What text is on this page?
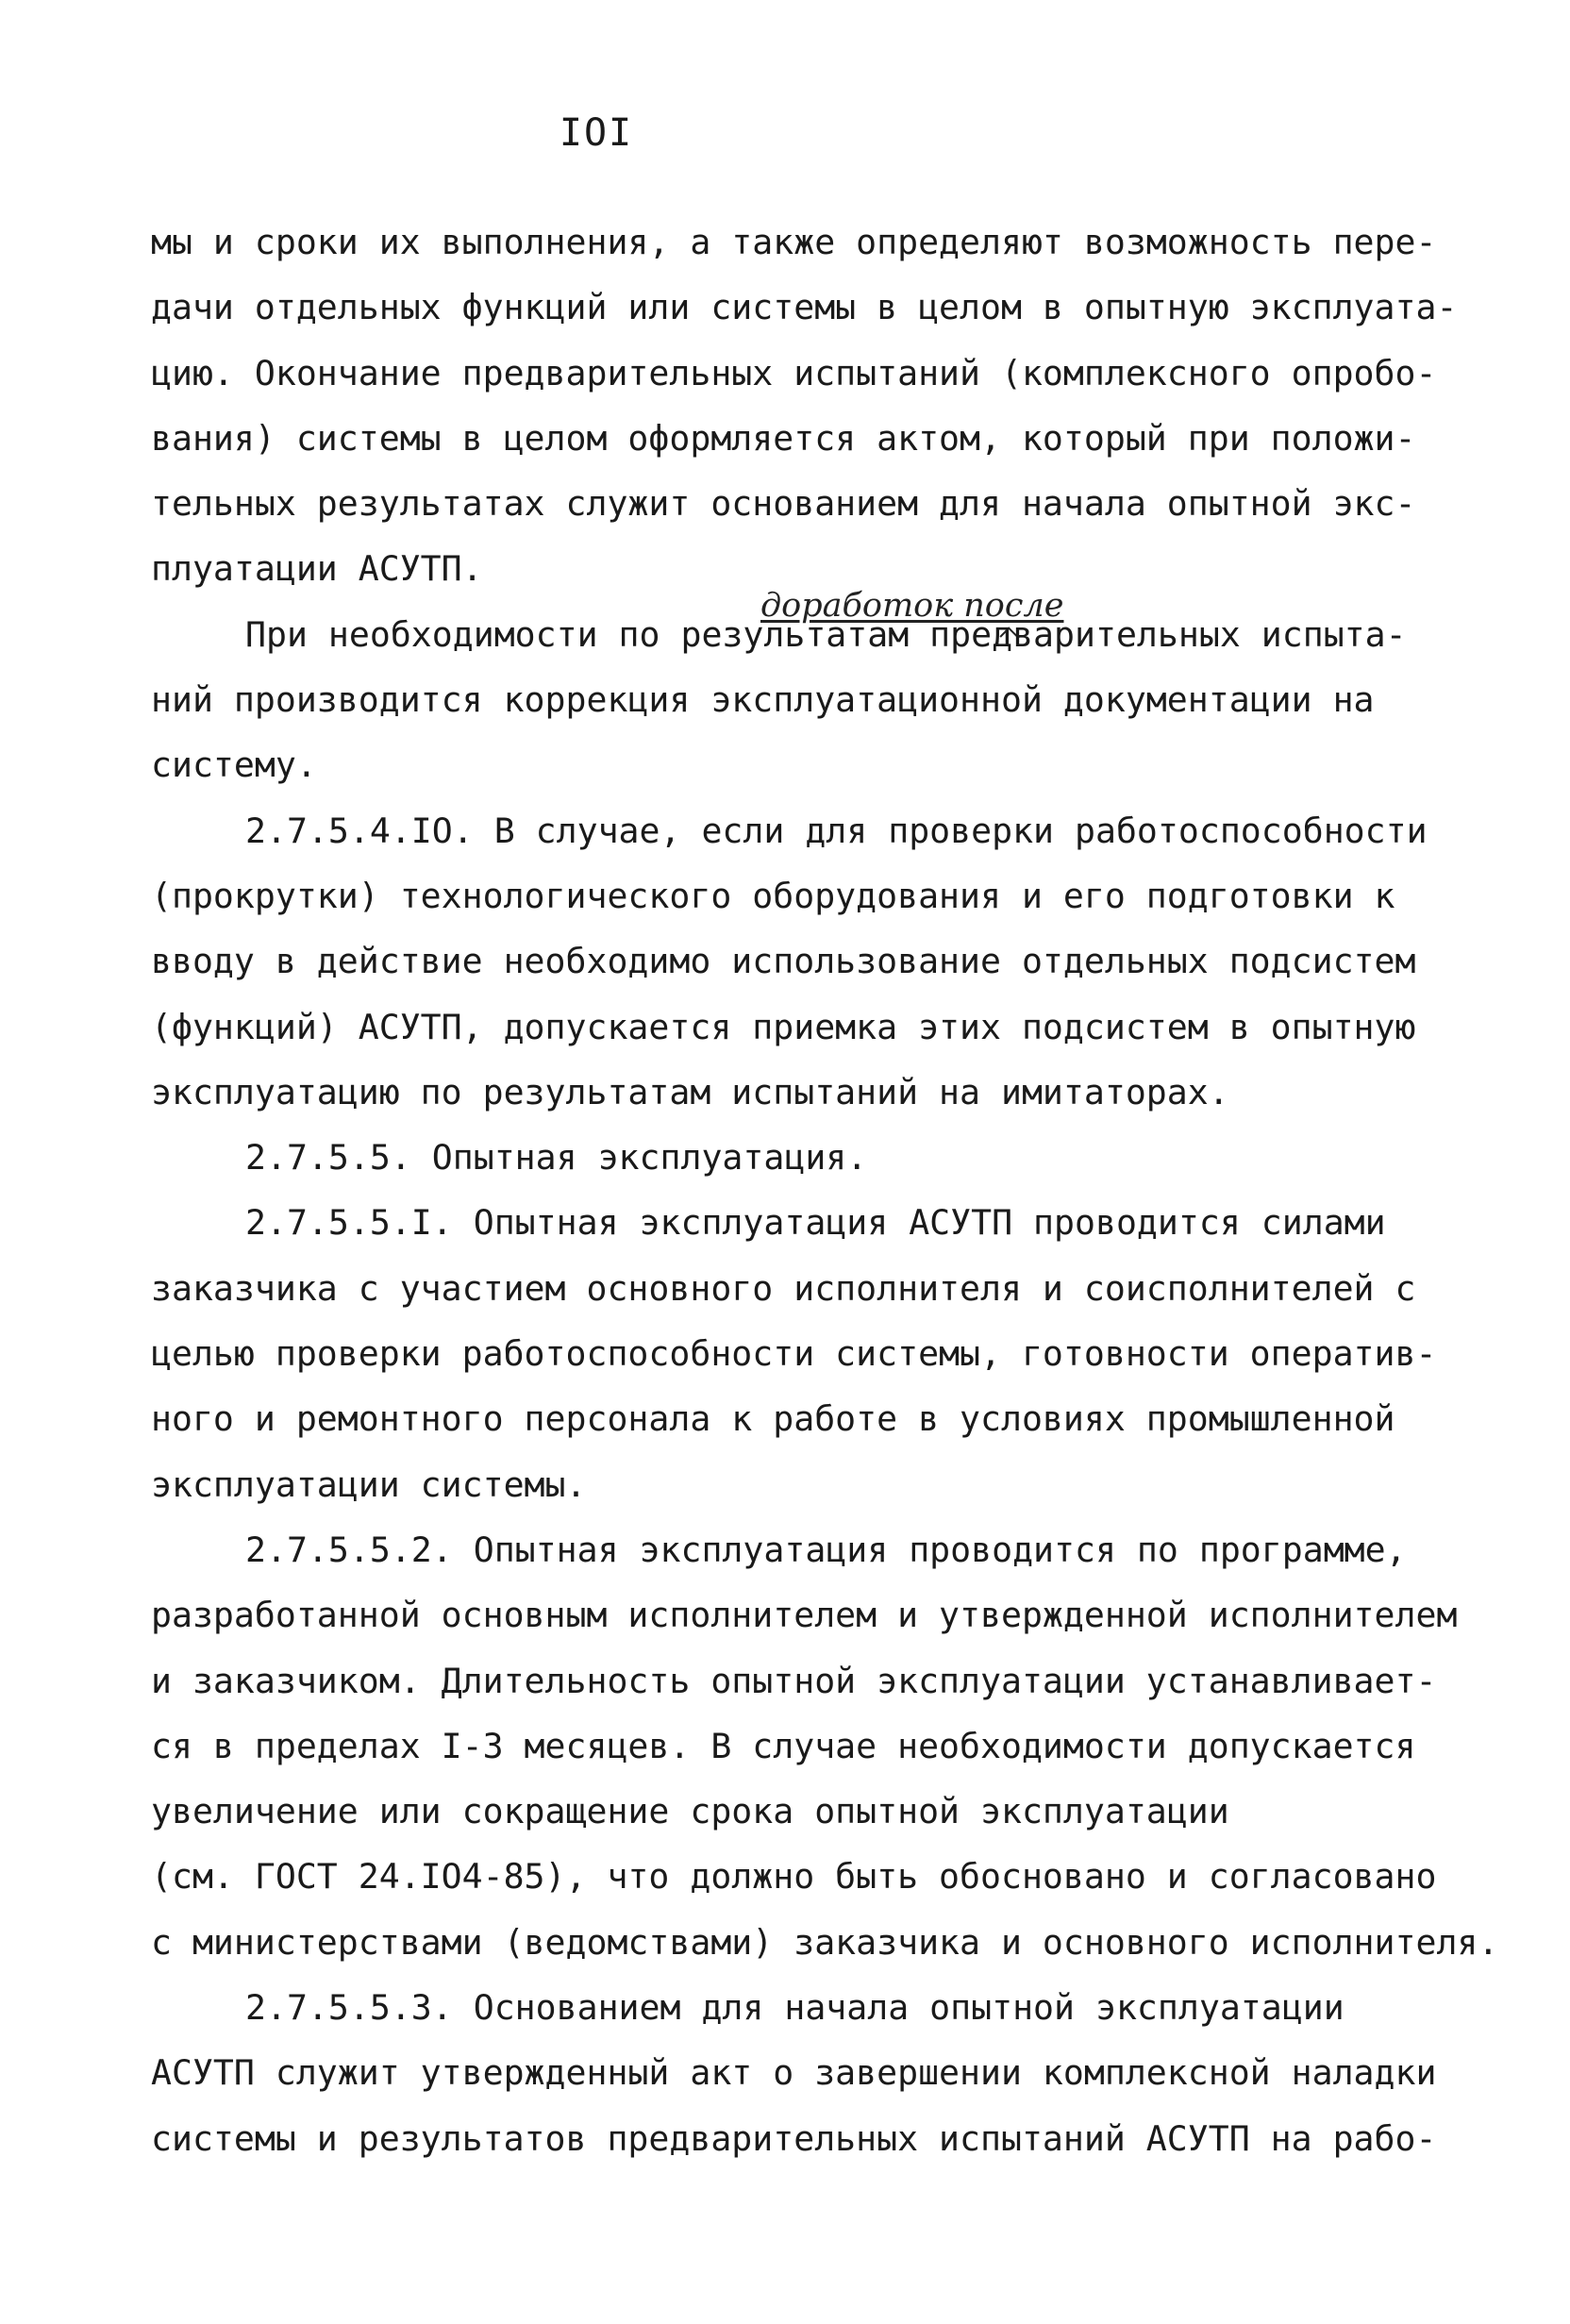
IOI
доработок после
мы и сроки их выполнения, а также определяют возможность пере-
дачи отдельных функций или системы в целом в опытную эксплуата-
цию. Окончание предварительных испытаний (комплексного опробо-
вания) системы в целом оформляется актом, который при положи-
тельных результатах служит основанием для начала опытной экс-
плуатации АСУТП.
При необходимости по результатам предварительных испыта-
ний производится коррекция эксплуатационной документации на
систему.
2.7.5.4.IO. В случае, если для проверки работоспособности
(прокрутки) технологического оборудования и его подготовки к
вводу в действие необходимо использование отдельных подсистем
(функций) АСУТП, допускается приемка этих подсистем в опытную
эксплуатацию по результатам испытаний на имитаторах.
2.7.5.5. Опытная эксплуатация.
2.7.5.5.I. Опытная эксплуатация АСУТП проводится силами
заказчика с участием основного исполнителя и соисполнителей с
целью проверки работоспособности системы, готовности оператив-
ного и ремонтного персонала к работе в условиях промышленной
эксплуатации системы.
2.7.5.5.2. Опытная эксплуатация проводится по программе,
разработанной основным исполнителем и утвержденной исполнителем
и заказчиком. Длительность опытной эксплуатации устанавливает-
ся в пределах I-3 месяцев. В случае необходимости допускается
увеличение или сокращение срока опытной эксплуатации
(см. ГОСТ 24.IO4-85), что должно быть обосновано и согласовано
с министерствами (ведомствами) заказчика и основного исполнителя.
2.7.5.5.3. Основанием для начала опытной эксплуатации
АСУТП служит утвержденный акт о завершении комплексной наладки
системы и результатов предварительных испытаний АСУТП на рабо-
